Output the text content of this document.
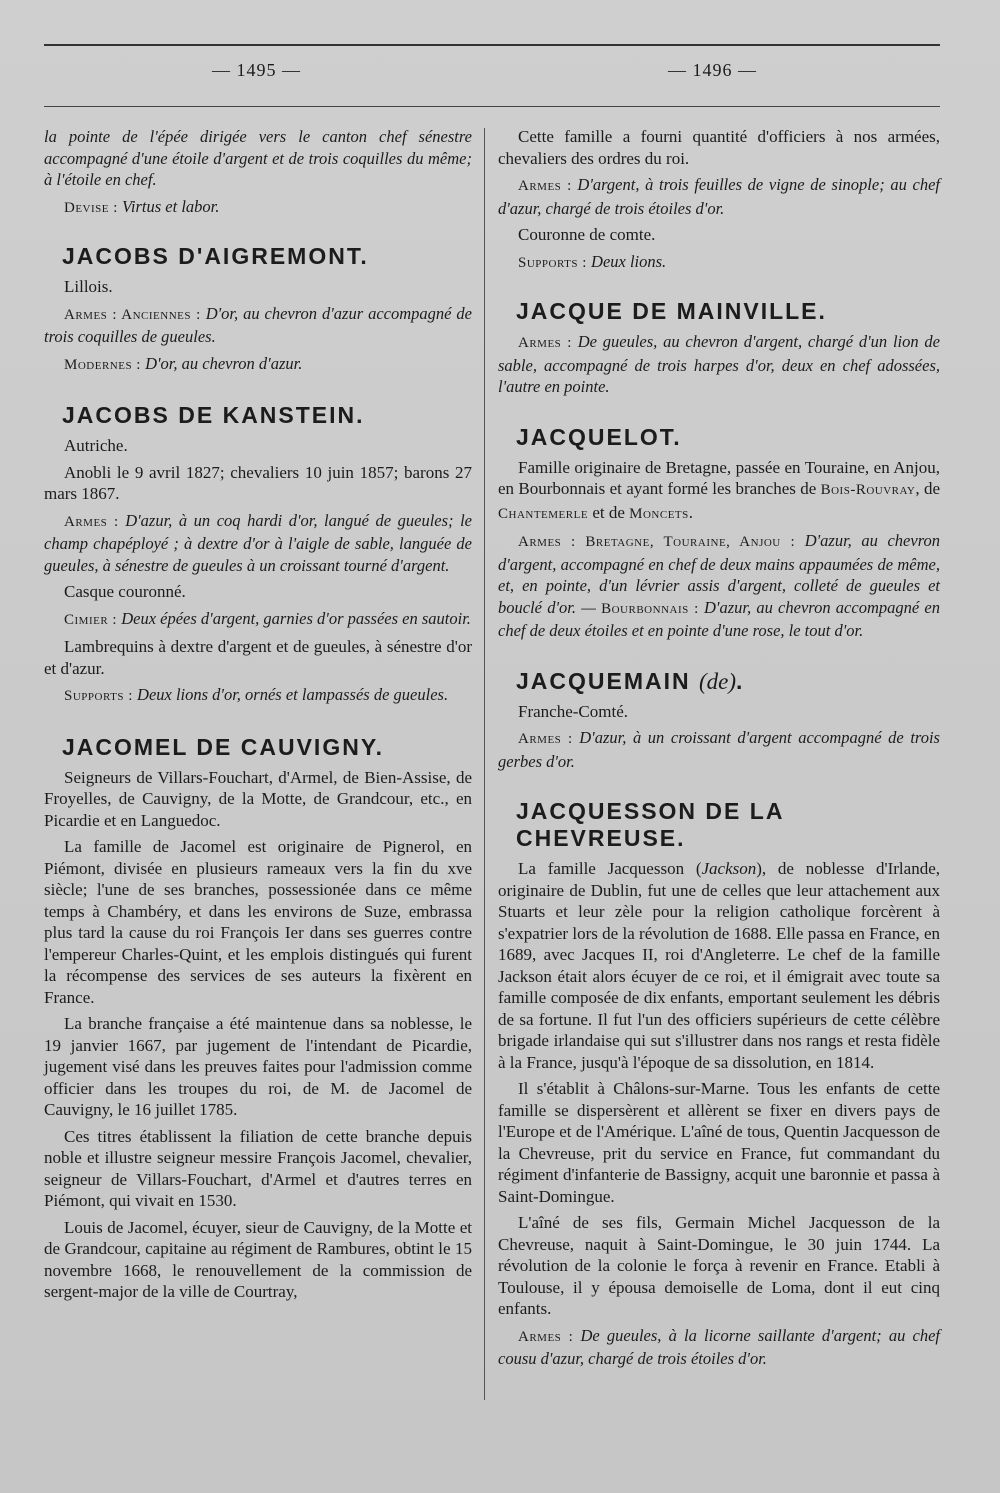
— 1495 —	— 1496 —

la pointe de l'épée dirigée vers le canton chef sénestre accompagné d'une étoile d'argent et de trois coquilles du même; à l'étoile en chef.

Devise : Virtus et labor.

JACOBS D'AIGREMONT.

Lillois.

Armes : Anciennes : D'or, au chevron d'azur accompagné de trois coquilles de gueules.

Modernes : D'or, au chevron d'azur.

JACOBS DE KANSTEIN.

Autriche.

Anobli le 9 avril 1827; chevaliers 10 juin 1857; barons 27 mars 1867.

Armes : D'azur, à un coq hardi d'or, langué de gueules; le champ chapéployé ; à dextre d'or à l'aigle de sable, languée de gueules, à sénestre de gueules à un croissant tourné d'argent.

Casque couronné.

Cimier : Deux épées d'argent, garnies d'or passées en sautoir.

Lambrequins à dextre d'argent et de gueules, à sénestre d'or et d'azur.

Supports : Deux lions d'or, ornés et lampassés de gueules.

JACOMEL DE CAUVIGNY.

Seigneurs de Villars-Fouchart, d'Armel, de Bien-Assise, de Froyelles, de Cauvigny, de la Motte, de Grandcour, etc., en Picardie et en Languedoc.

La famille de Jacomel est originaire de Pignerol, en Piémont, divisée en plusieurs rameaux vers la fin du xve siècle; l'une de ses branches, possessionée dans ce même temps à Chambéry, et dans les environs de Suze, embrassa plus tard la cause du roi François Ier dans ses guerres contre l'empereur Charles-Quint, et les emplois distingués qui furent la récompense des services de ses auteurs la fixèrent en France.

La branche française a été maintenue dans sa noblesse, le 19 janvier 1667, par jugement de l'intendant de Picardie, jugement visé dans les preuves faites pour l'admission comme officier dans les troupes du roi, de M. de Jacomel de Cauvigny, le 16 juillet 1785.

Ces titres établissent la filiation de cette branche depuis noble et illustre seigneur messire François Jacomel, chevalier, seigneur de Villars-Fouchart, d'Armel et d'autres terres en Piémont, qui vivait en 1530.

Louis de Jacomel, écuyer, sieur de Cauvigny, de la Motte et de Grandcour, capitaine au régiment de Rambures, obtint le 15 novembre 1668, le renouvellement de la commission de sergent-major de la ville de Courtray,

Cette famille a fourni quantité d'officiers à nos armées, chevaliers des ordres du roi.

Armes : D'argent, à trois feuilles de vigne de sinople; au chef d'azur, chargé de trois étoiles d'or.

Couronne de comte.

Supports : Deux lions.

JACQUE DE MAINVILLE.

Armes : De gueules, au chevron d'argent, chargé d'un lion de sable, accompagné de trois harpes d'or, deux en chef adossées, l'autre en pointe.

JACQUELOT.

Famille originaire de Bretagne, passée en Touraine, en Anjou, en Bourbonnais et ayant formé les branches de Bois-Rouvray, de Chantemerle et de Moncets.

Armes : Bretagne, Touraine, Anjou : D'azur, au chevron d'argent, accompagné en chef de deux mains appaumées de même, et, en pointe, d'un lévrier assis d'argent, colleté de gueules et bouclé d'or. — Bourbonnais : D'azur, au chevron accompagné en chef de deux étoiles et en pointe d'une rose, le tout d'or.

JACQUEMAIN (de).

Franche-Comté.

Armes : D'azur, à un croissant d'argent accompagné de trois gerbes d'or.

JACQUESSON DE LA CHEVREUSE.

La famille Jacquesson (Jackson), de noblesse d'Irlande, originaire de Dublin, fut une de celles que leur attachement aux Stuarts et leur zèle pour la religion catholique forcèrent à s'expatrier lors de la révolution de 1688. Elle passa en France, en 1689, avec Jacques II, roi d'Angleterre. Le chef de la famille Jackson était alors écuyer de ce roi, et il émigrait avec toute sa famille composée de dix enfants, emportant seulement les débris de sa fortune. Il fut l'un des officiers supérieurs de cette célèbre brigade irlandaise qui sut s'illustrer dans nos rangs et resta fidèle à la France, jusqu'à l'époque de sa dissolution, en 1814.

Il s'établit à Châlons-sur-Marne. Tous les enfants de cette famille se dispersèrent et allèrent se fixer en divers pays de l'Europe et de l'Amérique. L'aîné de tous, Quentin Jacquesson de la Chevreuse, prit du service en France, fut commandant du régiment d'infanterie de Bassigny, acquit une baronnie et passa à Saint-Domingue.

L'aîné de ses fils, Germain Michel Jacquesson de la Chevreuse, naquit à Saint-Domingue, le 30 juin 1744. La révolution de la colonie le força à revenir en France. Etabli à Toulouse, il y épousa demoiselle de Loma, dont il eut cinq enfants.

Armes : De gueules, à la licorne saillante d'argent; au chef cousu d'azur, chargé de trois étoiles d'or.
